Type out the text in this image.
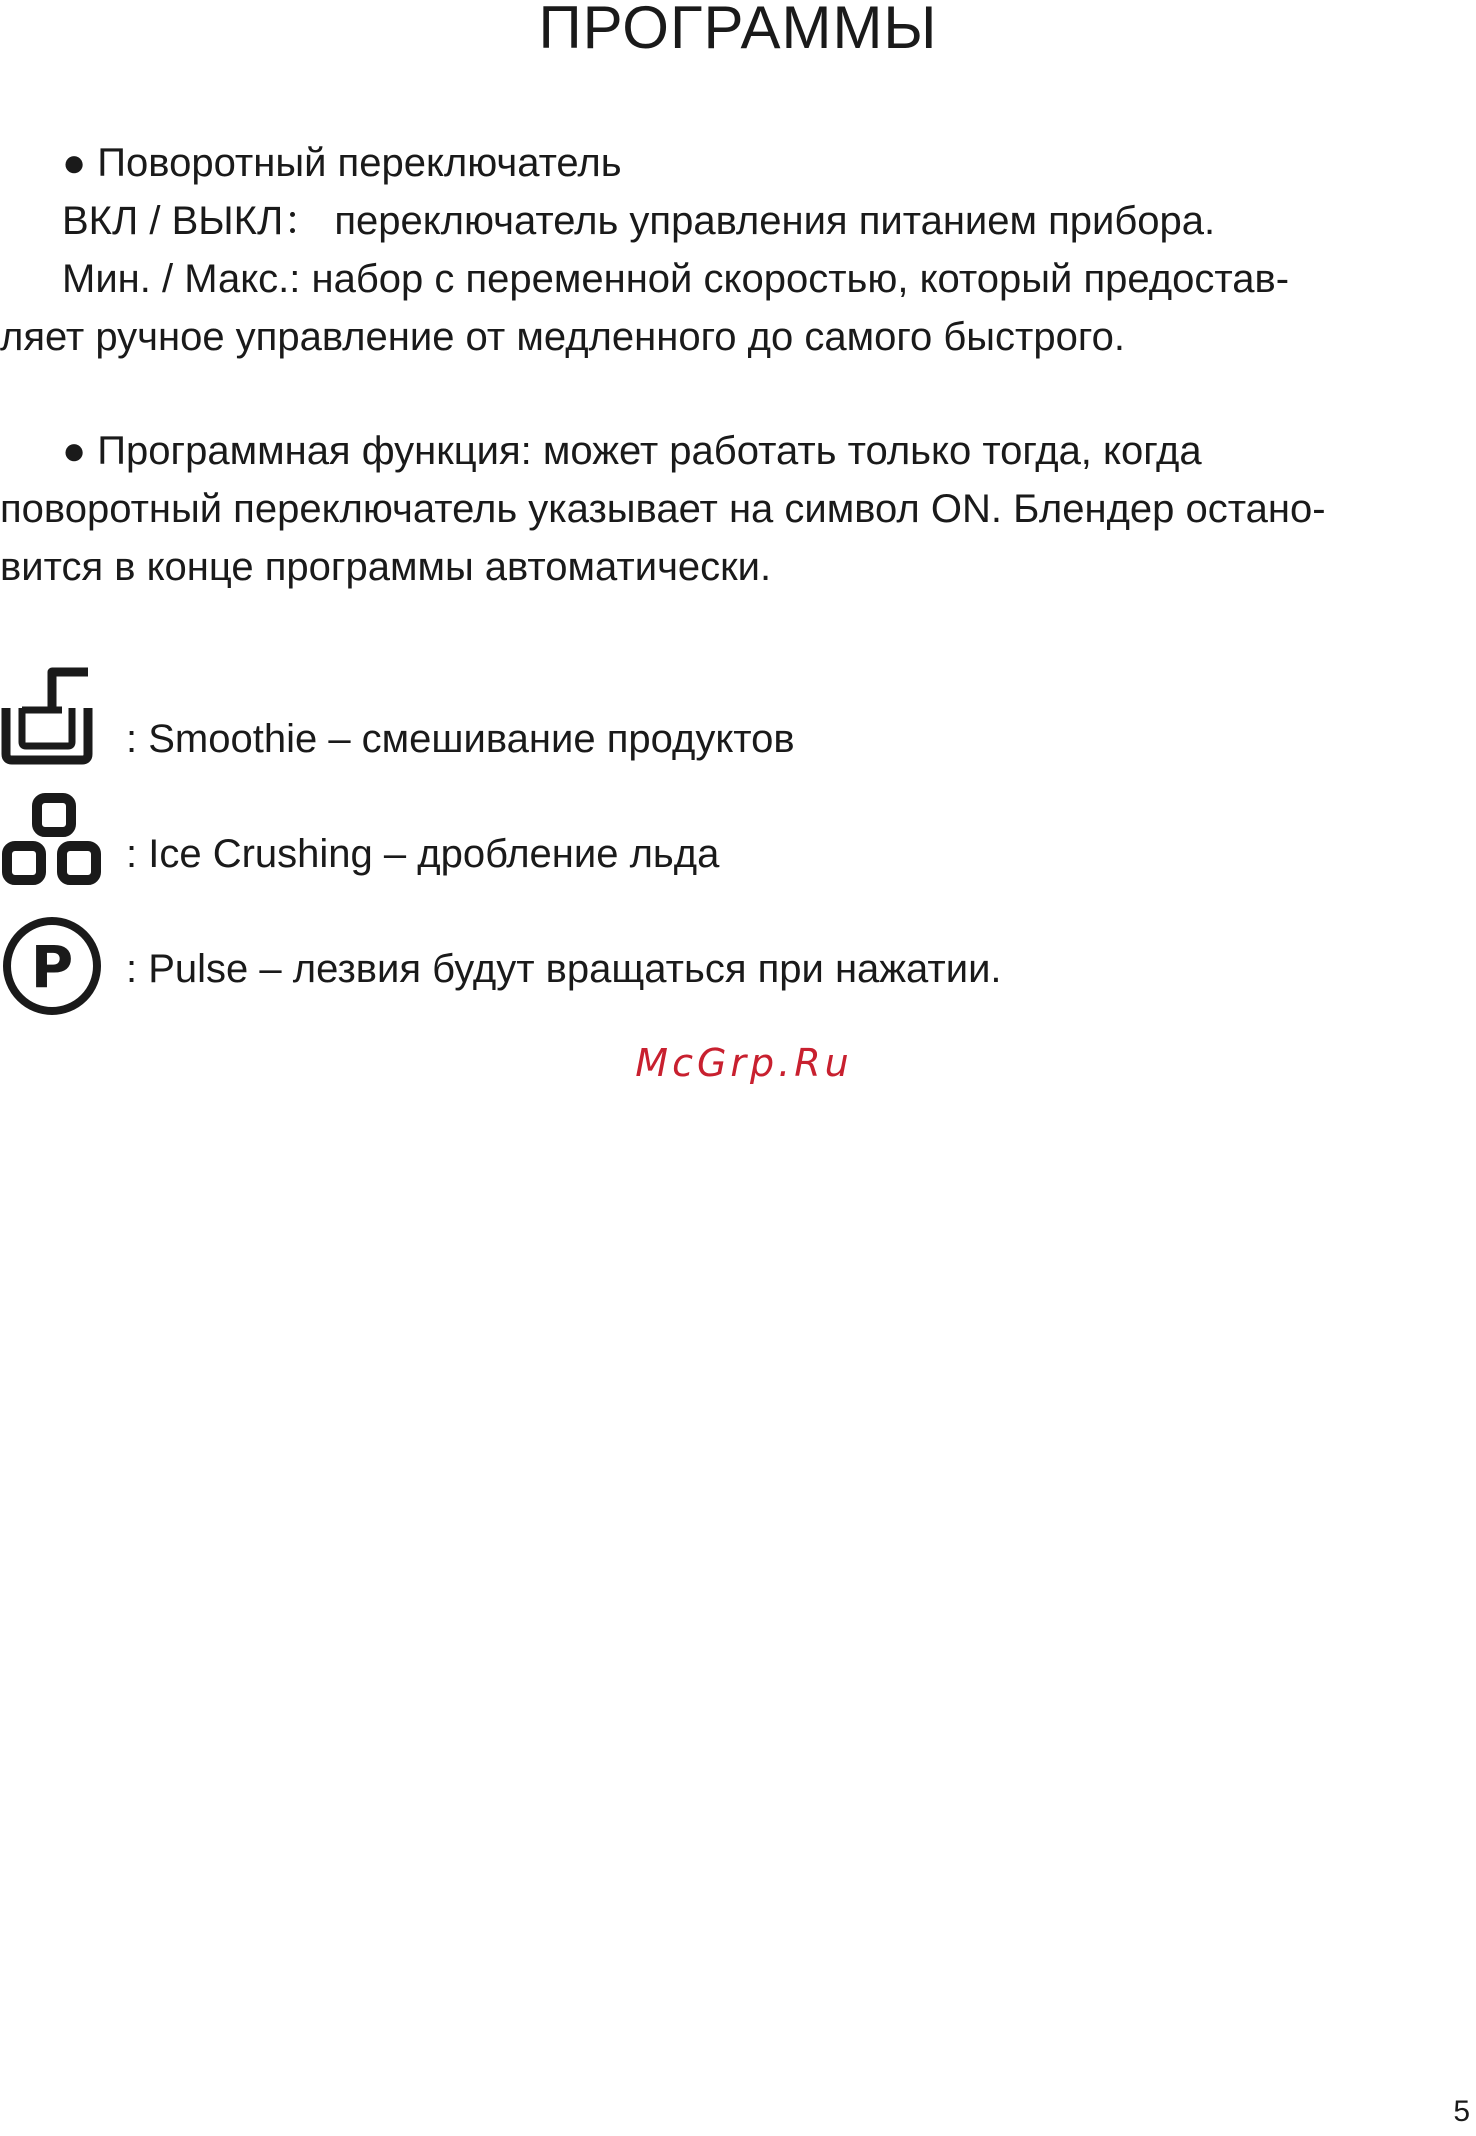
ПРОГРАММЫ
● Поворотный переключатель
ВКЛ / ВЫКЛ： переключатель управления питанием прибора.
Мин. / Макс.: набор с переменной скоростью, который предостав-
ляет ручное управление от медленного до самого быстрого.
● Программная функция: может работать только тогда, когда
поворотный переключатель указывает на символ ON. Блендер остано-
вится в конце программы автоматически.
: Smoothie – смешивание продуктов
: Ice Crushing – дробление льда
P : Pulse – лезвия будут вращаться при нажатии.
McGrp.Ru
5
